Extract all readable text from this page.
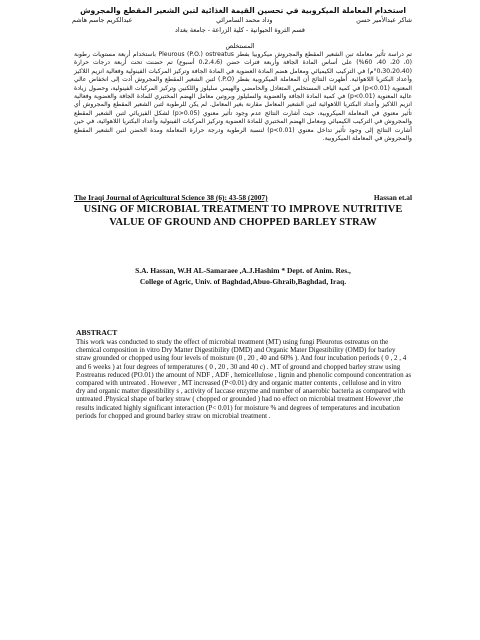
استخدام المعاملة الميكروبية في تحسين القيمة الغذائية لتبن الشعير المقطع والمجروش
شاكر عبدالأمير حسن
وداد محمد السامرائي
عبدالكريم جاسم هاشم
قسم الثروة الحيوانية - كلية الزراعة - جامعة بغداد
المستخلص
تم دراسة تأثير معاملة تبن الشعير المقطع والمجروش ميكروبيا بفطر Pleurous (P.O.) ostreatus باستخدام أربعة مستويات رطوبة (0، 20، 40، 60%) على أساس المادة الجافة وأربعة فترات حضن (0،2،4،6 أسبوع) تم حضنت تحت أربعة درجات حرارة (0،30،20،40°م) في التركيب الكيميائي ومعامل هضم المادة العضوية في المادة الجافة وتركيز المركبات الفينولية وفعالية انزيم اللاكيز وأعداد البكتريا اللاهوائية. أظهرت النتائج أن المعاملة الميكروبية بفطر (P.O.) لتبن الشعير المقطع والمجروش أدت إلى انخفاض عالي المعنوية (p<0.01) في كمية الياف المستخلص المتعادل والحامضي والهيمي سليلوز واللكنين وتركيز المركبات الفينولية، وحصول زيادة عالية المعنوية (p<0.01) في كمية المادة الجافة والعضوية والسليلوز وبروتين معامل الهضم المختبري للمادة الجافة والعضوية وفعالية انزيم اللاكيز وأعداد البكتريا اللاهوائية لتبن الشعير المعامل مقارنة بغير المعامل. لم يكن للرطوبة لتبن الشعير المقطع والمجروش أي تأثير معنوي في المعاملة الميكروبية، حيث أشارت النتائج عدم وجود تأثير معنوي (p>0.05) لشكل الفيزيائي لتبن الشعير المقطع والمجروش في التركيب الكيميائي ومعامل الهضم المختبري للمادة العضوية وتركيز المركبات الفينولية وأعداد البكتريا اللاهوائية، في حين أشارت النتائج إلى وجود تأثير تداخل معنوي (p<0.01) لنسبة الرطوبة ودرجة حرارة المعاملة ومدة الحضن لتبن الشعير المقطع والمجروش في المعاملة الميكروبية.
The Iraqi Journal of Agricultural Science 38 (6): 43-58 (2007)	Hassan et.al
USING OF MICROBIAL TREATMENT TO IMPROVE NUTRITIVE
VALUE OF GROUND AND CHOPPED BARLEY STRAW
S.A. Hassan, W.H AL-Samaraee ,A.J.Hashim * Dept. of Anim. Res.,
College of Agric, Univ. of Baghdad,Abuo-Ghraib,Baghdad, Iraq.
ABSTRACT

This work was conducted to study the effect of microbial treatment (MT) using fungi Pleurotus ostreatus on the chemical composition in vitro Dry Matter Digestibility (DMD) and Organic Mater Digestibility (OMD) for barley straw grounded or chopped using four levels of moisture (0 , 20 , 40 and 60% ). And four incubation periods ( 0 , 2 , 4 and 6 weeks ) at four degrees of temperatures ( 0 , 20 , 30 and 40 c) . MT of ground and chopped barley straw using P.ostreatus reduced (PO.01) the amount of NDF , ADF , hemicellulose , lignin and phenolic compound concentration as compared with untreated . However , MT increased (P<0.01) dry and organic matter contents , cellulose and in vitro dry and organic matter digestibility s , activity of laccase enzyme and number of anaerobic bacteria as compared with untreated .Physical shape of barley straw ( chopped or grounded ) had no effect on microbial treatment However ,the results indicated highly significant interaction (P< 0.01) for moisture % and degrees of temperatures and incubation periods for chopped and ground barley straw on microbial treatment .
